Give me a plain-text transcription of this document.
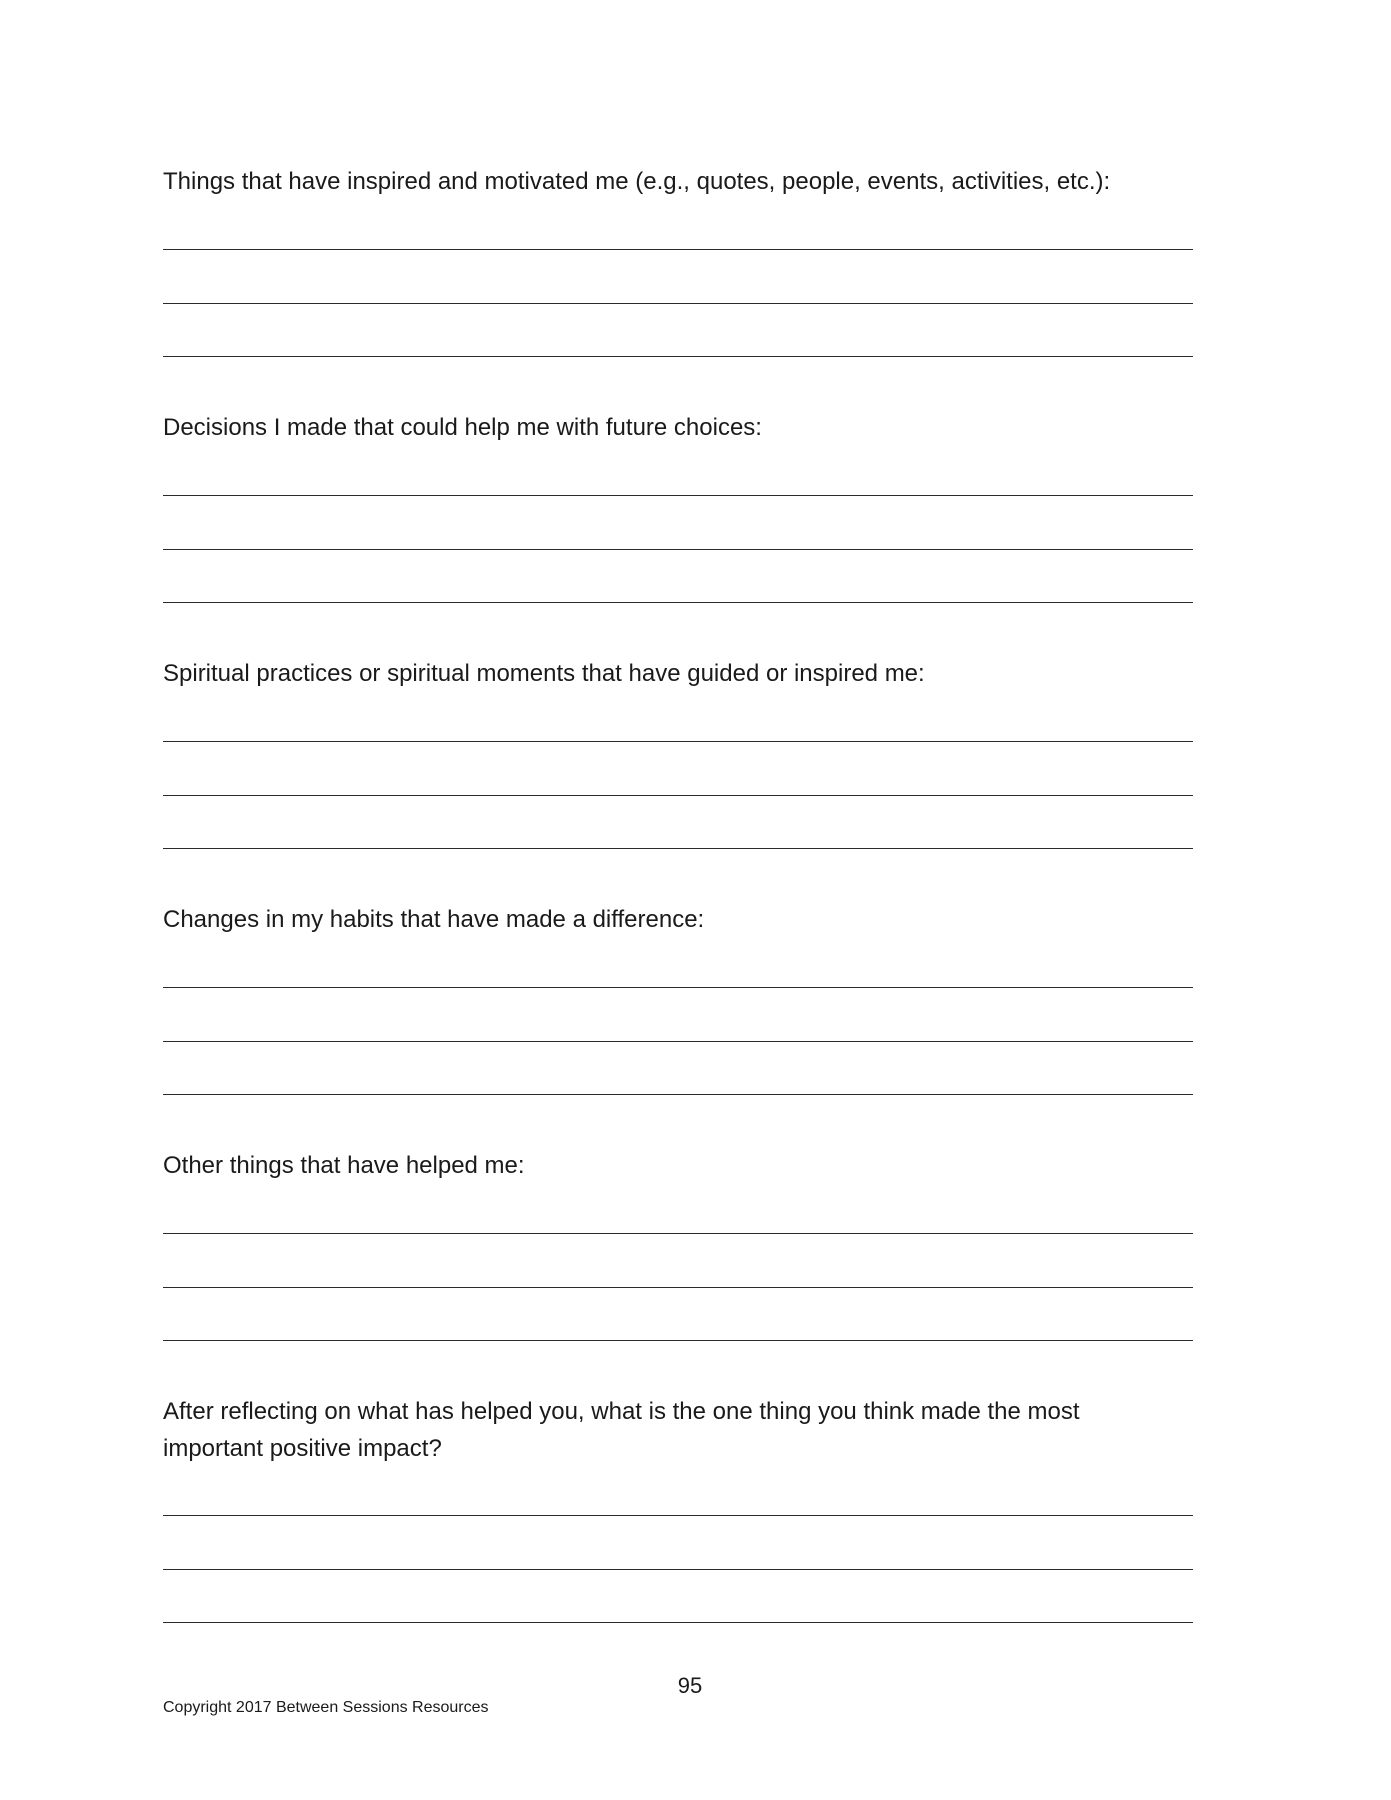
Things that have inspired and motivated me (e.g., quotes, people, events, activities, etc.):

Decisions I made that could help me with future choices:

Spiritual practices or spiritual moments that have guided or inspired me:

Changes in my habits that have made a difference:

Other things that have helped me:

After reflecting on what has helped you, what is the one thing you think made the most

important positive impact?

95
Copyright 2017 Between Sessions Resources
